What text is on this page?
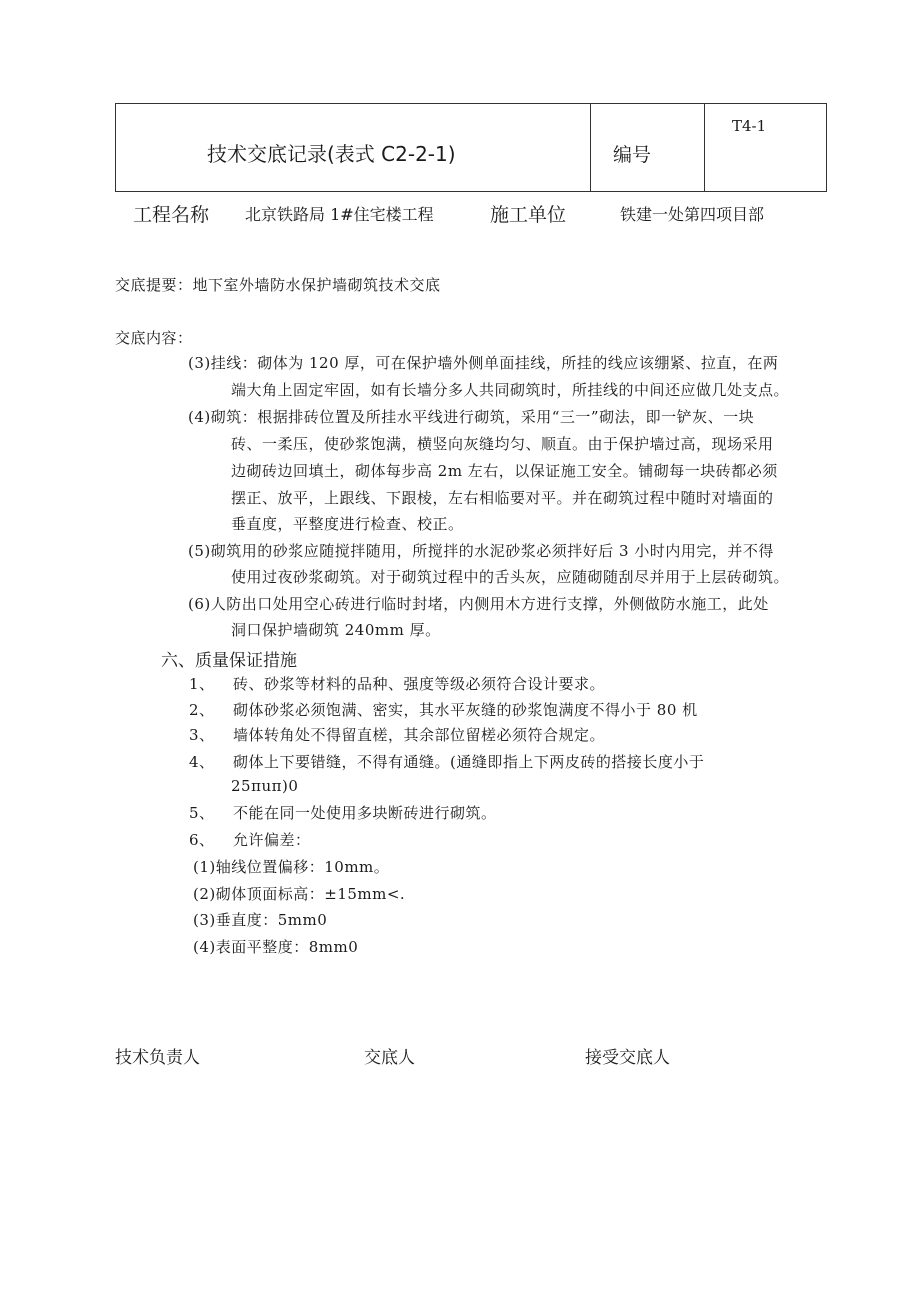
技术交底记录(表式 C2-2-1)	编号
T4-1
工程名称 北京铁路局 1#住宅楼工程	施工单位	铁建一处第四项目部
交底提要：地下室外墙防水保护墙砌筑技术交底
交底内容：
(3)挂线：砌体为 120 厚，可在保护墙外侧单面挂线，所挂的线应该绷紧、拉直，在两
端大角上固定牢固，如有长墙分多人共同砌筑时，所挂线的中间还应做几处支点。
(4)砌筑：根据排砖位置及所挂水平线进行砌筑，采用“三一”砌法，即一铲灰、一块
砖、一柔压，使砂浆饱满，横竖向灰缝均匀、顺直。由于保护墙过高，现场采用
边砌砖边回填土，砌体每步高 2m 左右，以保证施工安全。铺砌每一块砖都必须
摆正、放平，上跟线、下跟棱，左右相临要对平。并在砌筑过程中随时对墙面的
垂直度，平整度进行检查、校正。
(5)砌筑用的砂浆应随搅拌随用，所搅拌的水泥砂浆必须拌好后 3 小时内用完，并不得
使用过夜砂浆砌筑。对于砌筑过程中的舌头灰，应随砌随刮尽并用于上层砖砌筑。
(6)人防出口处用空心砖进行临时封堵，内侧用木方进行支撑，外侧做防水施工，此处
洞口保护墙砌筑 240mm 厚。
六、质量保证措施
1、 砖、砂浆等材料的品种、强度等级必须符合设计要求。
2、 砌体砂浆必须饱满、密实，其水平灰缝的砂浆饱满度不得小于 80 机
3、 墙体转角处不得留直槎，其余部位留槎必须符合规定。
4、 砌体上下要错缝，不得有通缝。(通缝即指上下两皮砖的搭接长度小于
25πuπ)0
5、 不能在同一处使用多块断砖进行砌筑。
6、 允许偏差：
(1)轴线位置偏移：10mm。
(2)砌体顶面标高：±15mm<.
(3)垂直度：5mm0
(4)表面平整度：8mm0
技术负责人	交底人	接受交底人
